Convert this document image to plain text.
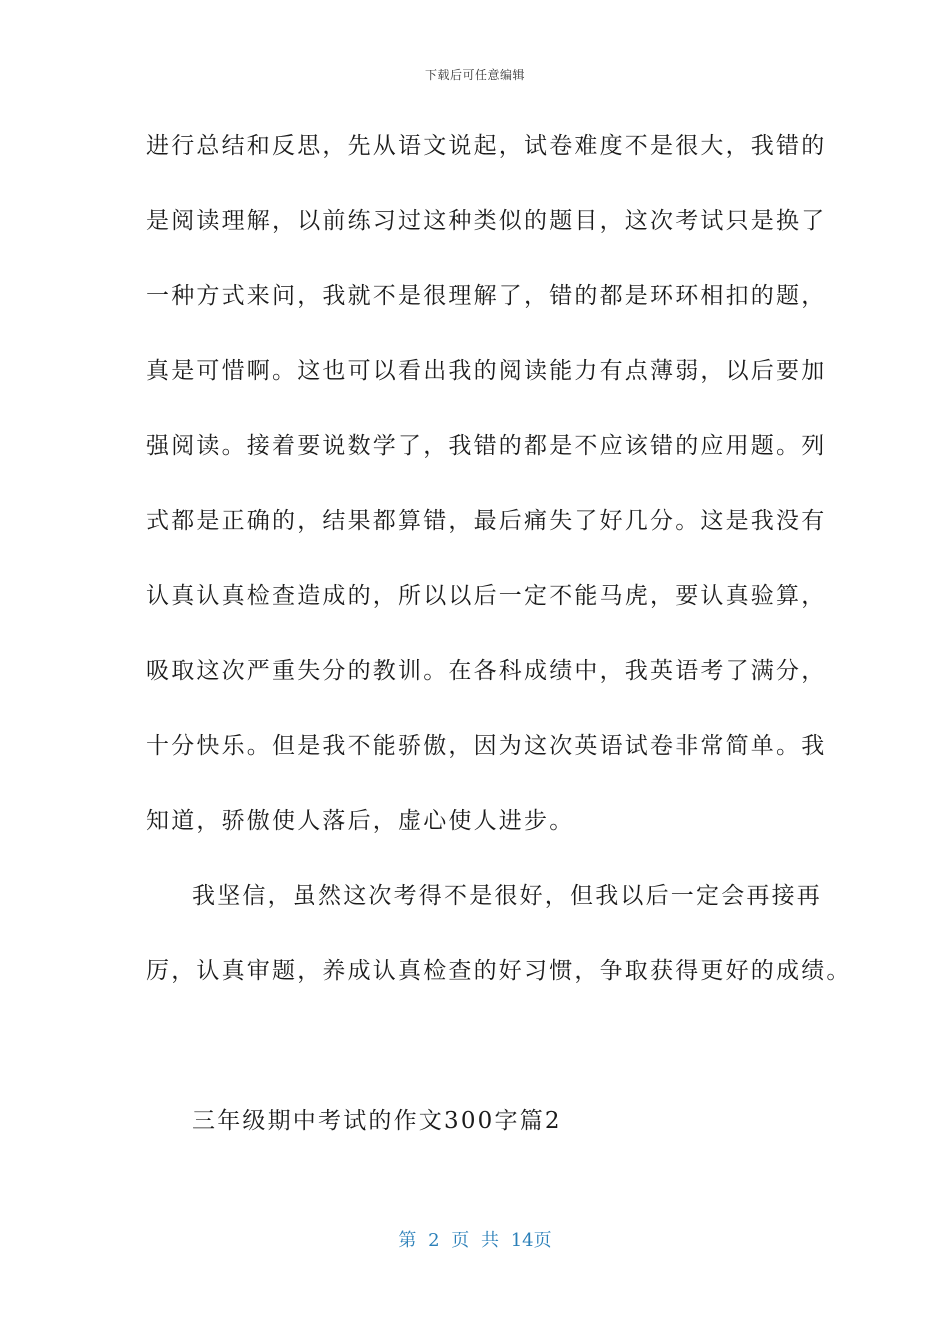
下载后可任意编辑
进行总结和反思，先从语文说起，试卷难度不是很大，我错的
是阅读理解，以前练习过这种类似的题目，这次考试只是换了
一种方式来问，我就不是很理解了，错的都是环环相扣的题，
真是可惜啊。这也可以看出我的阅读能力有点薄弱，以后要加
强阅读。接着要说数学了，我错的都是不应该错的应用题。列
式都是正确的，结果都算错，最后痛失了好几分。这是我没有
认真认真检查造成的，所以以后一定不能马虎，要认真验算，
吸取这次严重失分的教训。在各科成绩中，我英语考了满分，
十分快乐。但是我不能骄傲，因为这次英语试卷非常简单。我
知道，骄傲使人落后，虚心使人进步。
我坚信，虽然这次考得不是很好，但我以后一定会再接再
厉，认真审题，养成认真检查的好习惯，争取获得更好的成绩。
三年级期中考试的作文300字篇2
第 2 页 共 14页
